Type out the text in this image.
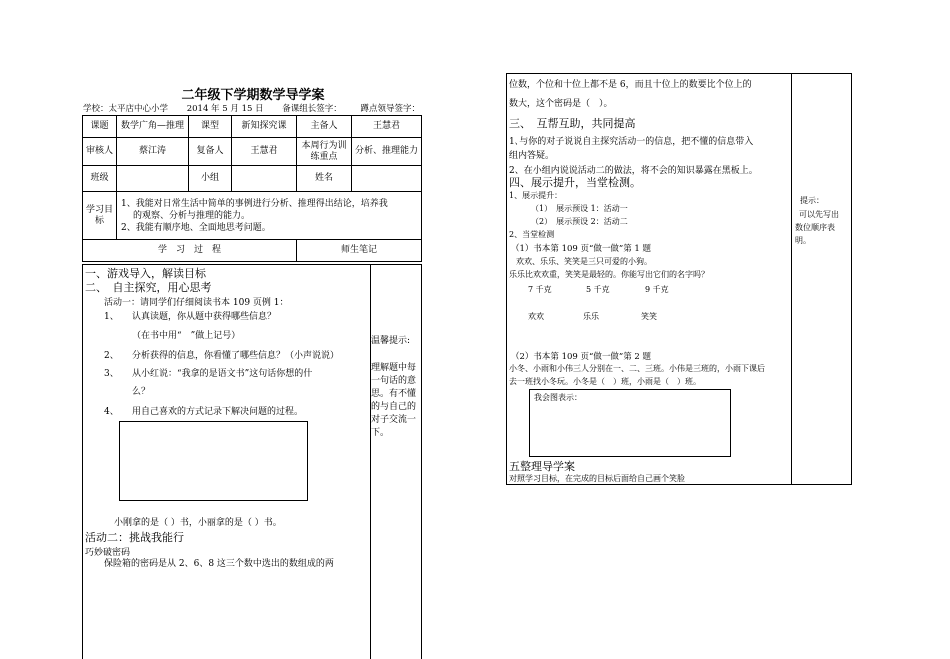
二年级下学期数学导学案
学校：太平店中心小学 2014 年 5 月 15 日 备课组长签字： 蹲点领导签字：
课题	数学广角—推理	课型	新知探究课	主备人	王慧君
审核人	蔡江涛	复备人	王慧君	本周行为训练重点	分析、推理能力
班级		小组		姓名	
学习目标	1、我能对日常生活中简单的事例进行分析、推理得出结论，培养我
的观察、分析与推理的能力。
2、我能有顺序地、全面地思考问题。				

学　习　过　程				师生笔记	
一、游戏导入，解读目标
二、　自主探究，用心思考
活动一：请同学们仔细阅读书本 109 页例 1：
1、 认真读题，你从题中获得哪些信息？
（在书中用“　”做上记号）
2、 分析获得的信息，你看懂了哪些信息？（小声说说）
3、 从小红说：“我拿的是语文书”这句话你想的什
么？
4、 用自己喜欢的方式记录下解决问题的过程。
小刚拿的是（ ）书，小丽拿的是（ ）书。
活动二：挑战我能行
巧妙破密码
保险箱的密码是从 2、6、8 这三个数中选出的数组成的两
温馨提示:
理解题中每
一句话的意
思。有不懂
的与自己的
对子交流一
下。
位数，个位和十位上都不是 6，而且十位上的数要比个位上的
数大，这个密码是（　）。
三、　互帮互助，共同提高
1､与你的对子说说自主探究活动一的信息，把不懂的信息带入
组内答疑。
2、在小组内说说活动二的做法，将不会的知识暴露在黑板上。
四、展示提升，当堂检测。
1、展示提升：
（1）　展示预设 1：活动一
（2）　展示预设 2：活动二
2、当堂检测
（1）书本第 109 页“做一做”第 1 题
欢欢、乐乐、笑笑是三只可爱的小狗。
乐乐比欢欢重，笑笑是最轻的。你能写出它们的名字吗？
7 千克	5 千克	9 千克
欢欢	乐乐	笑笑
（2）书本第 109 页“做一做”第 2 题
小冬、小雨和小伟三人分别在一、二、三班。小伟是三班的，小雨下课后
去一班找小冬玩。小冬是（　）班，小雨是（　）班。
我会图表示：
五整理导学案
对照学习目标，在完成的目标后面给自己画个笑脸
提示：
可以先写出
数位顺序表
明。
